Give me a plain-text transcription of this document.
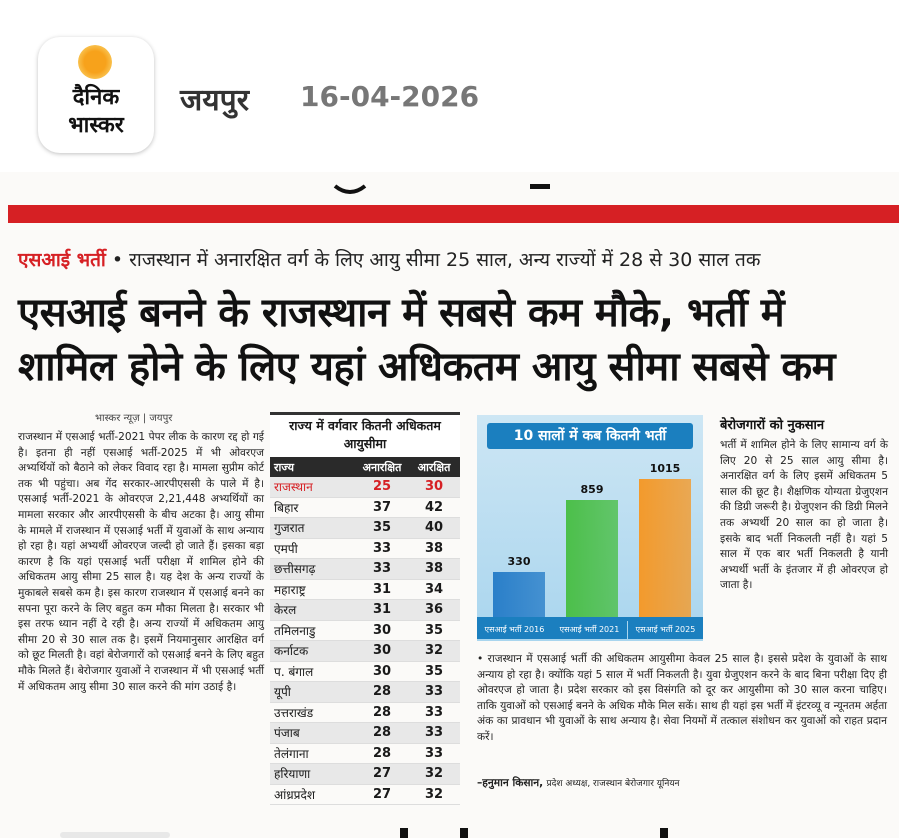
दैनिक
भास्कर
जयपुर 16-04-2026
एसआई भर्ती • राजस्थान में अनारक्षित वर्ग के लिए आयु सीमा 25 साल, अन्य राज्यों में 28 से 30 साल तक
एसआई बनने के राजस्थान में सबसे कम मौके, भर्ती में शामिल होने के लिए यहां अधिकतम आयु सीमा सबसे कम
भास्कर न्यूज़ | जयपुर
राजस्थान में एसआई भर्ती-2021 पेपर लीक के कारण रद्द हो गई है। इतना ही नहीं एसआई भर्ती-2025 में भी ओवरएज अभ्यर्थियों को बैठाने को लेकर विवाद रहा है। मामला सुप्रीम कोर्ट तक भी पहुंचा। अब गेंद सरकार-आरपीएससी के पाले में है। एसआई भर्ती-2021 के ओवरएज 2,21,448 अभ्यर्थियों का मामला सरकार और आरपीएससी के बीच अटका है। आयु सीमा के मामले में राजस्थान में एसआई भर्ती में युवाओं के साथ अन्याय हो रहा है। यहां अभ्यर्थी ओवरएज जल्दी हो जाते हैं। इसका बड़ा कारण है कि यहां एसआई भर्ती परीक्षा में शामिल होने की अधिकतम आयु सीमा 25 साल है। यह देश के अन्य राज्यों के मुकाबले सबसे कम है। इस कारण राजस्थान में एसआई बनने का सपना पूरा करने के लिए बहुत कम मौका मिलता है। सरकार भी इस तरफ ध्यान नहीं दे रही है। अन्य राज्यों में अधिकतम आयु सीमा 20 से 30 साल तक है। इसमें नियमानुसार आरक्षित वर्ग को छूट मिलती है। वहां बेरोजगारों को एसआई बनने के लिए बहुत मौके मिलते हैं। बेरोजगार युवाओं ने राजस्थान में भी एसआई भर्ती में अधिकतम आयु सीमा 30 साल करने की मांग उठाई है।
राज्य में वर्गवार कितनी अधिकतम आयुसीमा
राज्य	अनारक्षित	आरक्षित
राजस्थान	25	30
बिहार	37	42
गुजरात	35	40
एमपी	33	38
छत्तीसगढ़	33	38
महाराष्ट्र	31	34
केरल	31	36
तमिलनाडु	30	35
कर्नाटक	30	32
प. बंगाल	30	35
यूपी	28	33
उत्तराखंड	28	33
पंजाब	28	33
तेलंगाना	28	33
हरियाणा	27	32
आंध्रप्रदेश	27	32
10 सालों में कब कितनी भर्ती
330
एसआई भर्ती 2016
859
एसआई भर्ती 2021
1015
एसआई भर्ती 2025
बेरोजगारों को नुकसान
भर्ती में शामिल होने के लिए सामान्य वर्ग के लिए 20 से 25 साल आयु सीमा है। अनारक्षित वर्ग के लिए इसमें अधिकतम 5 साल की छूट है। शैक्षणिक योग्यता ग्रेजुएशन की डिग्री जरूरी है। ग्रेजुएशन की डिग्री मिलने तक अभ्यर्थी 20 साल का हो जाता है। इसके बाद भर्ती निकलती नहीं है। यहां 5 साल में एक बार भर्ती निकलती है यानी अभ्यर्थी भर्ती के इंतजार में ही ओवरएज हो जाता है।
• राजस्थान में एसआई भर्ती की अधिकतम आयुसीमा केवल 25 साल है। इससे प्रदेश के युवाओं के साथ अन्याय हो रहा है। क्योंकि यहां 5 साल में भर्ती निकलती है। युवा ग्रेजुएशन करने के बाद बिना परीक्षा दिए ही ओवरएज हो जाता है। प्रदेश सरकार को इस विसंगति को दूर कर आयुसीमा को 30 साल करना चाहिए। ताकि युवाओं को एसआई बनने के अधिक मौके मिल सकें। साथ ही यहां इस भर्ती में इंटरव्यू व न्यूनतम अर्हता अंक का प्रावधान भी युवाओं के साथ अन्याय है। सेवा नियमों में तत्काल संशोधन कर युवाओं को राहत प्रदान करें।
–हनुमान किसान, प्रदेश अध्यक्ष, राजस्थान बेरोजगार यूनियन
